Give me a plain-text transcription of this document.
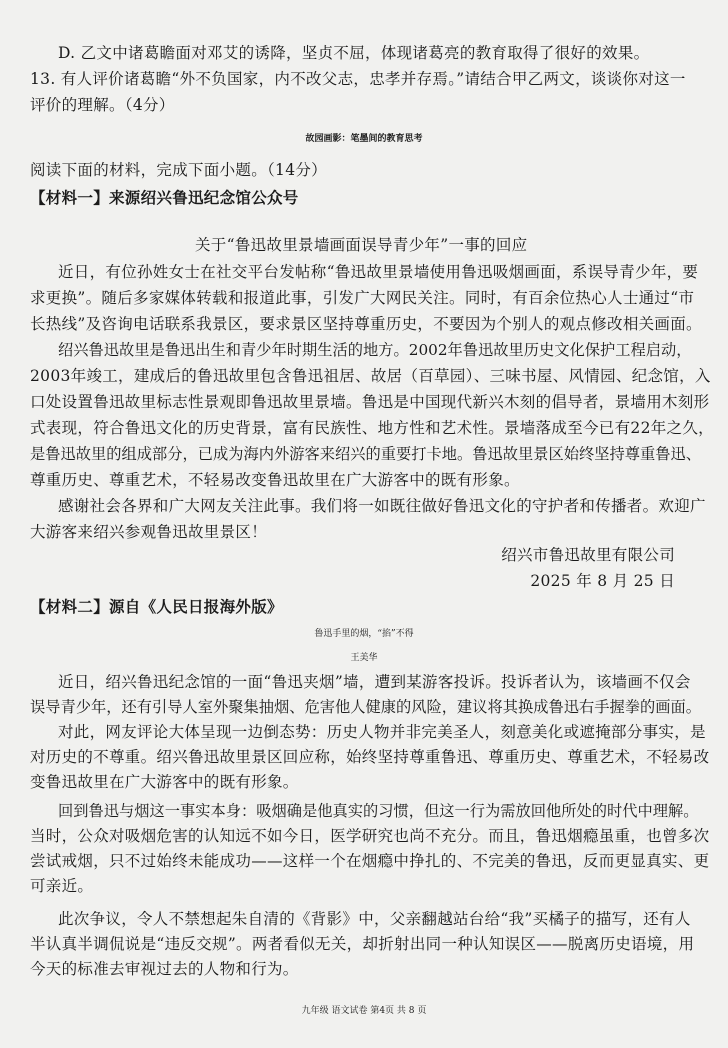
D. 乙文中诸葛瞻面对邓艾的诱降，坚贞不屈，体现诸葛亮的教育取得了很好的效果。
13. 有人评价诸葛瞻“外不负国家，内不改父志，忠孝并存焉。”请结合甲乙两文，谈谈你对这一
评价的理解。（4分）
故园画影：笔墨间的教育思考
阅读下面的材料，完成下面小题。（14分）
【材料一】来源绍兴鲁迅纪念馆公众号
关于“鲁迅故里景墙画面误导青少年”一事的回应
近日，有位孙姓女士在社交平台发帖称“鲁迅故里景墙使用鲁迅吸烟画面，系误导青少年，要
求更换”。随后多家媒体转载和报道此事，引发广大网民关注。同时，有百余位热心人士通过“市
长热线”及咨询电话联系我景区，要求景区坚持尊重历史，不要因为个别人的观点修改相关画面。
绍兴鲁迅故里是鲁迅出生和青少年时期生活的地方。2002年鲁迅故里历史文化保护工程启动，
2003年竣工，建成后的鲁迅故里包含鲁迅祖居、故居（百草园）、三味书屋、风情园、纪念馆，入
口处设置鲁迅故里标志性景观即鲁迅故里景墙。鲁迅是中国现代新兴木刻的倡导者，景墙用木刻形
式表现，符合鲁迅文化的历史背景，富有民族性、地方性和艺术性。景墙落成至今已有22年之久，
是鲁迅故里的组成部分，已成为海内外游客来绍兴的重要打卡地。鲁迅故里景区始终坚持尊重鲁迅、
尊重历史、尊重艺术，不轻易改变鲁迅故里在广大游客中的既有形象。
感谢社会各界和广大网友关注此事。我们将一如既往做好鲁迅文化的守护者和传播者。欢迎广
大游客来绍兴参观鲁迅故里景区！
绍兴市鲁迅故里有限公司
2025 年 8 月 25 日
【材料二】源自《人民日报海外版》
鲁迅手里的烟，“掐”不得
王美华
近日，绍兴鲁迅纪念馆的一面“鲁迅夹烟”墙，遭到某游客投诉。投诉者认为，该墙画不仅会
误导青少年，还有引导人室外聚集抽烟、危害他人健康的风险，建议将其换成鲁迅右手握拳的画面。
对此，网友评论大体呈现一边倒态势：历史人物并非完美圣人，刻意美化或遮掩部分事实，是
对历史的不尊重。绍兴鲁迅故里景区回应称，始终坚持尊重鲁迅、尊重历史、尊重艺术，不轻易改
变鲁迅故里在广大游客中的既有形象。
回到鲁迅与烟这一事实本身：吸烟确是他真实的习惯，但这一行为需放回他所处的时代中理解。
当时，公众对吸烟危害的认知远不如今日，医学研究也尚不充分。而且，鲁迅烟瘾虽重，也曾多次
尝试戒烟，只不过始终未能成功——这样一个在烟瘾中挣扎的、不完美的鲁迅，反而更显真实、更
可亲近。
此次争议，令人不禁想起朱自清的《背影》中，父亲翻越站台给“我”买橘子的描写，还有人
半认真半调侃说是“违反交规”。两者看似无关，却折射出同一种认知误区——脱离历史语境，用
今天的标准去审视过去的人物和行为。
九年级 语文试卷 第4页 共 8 页
